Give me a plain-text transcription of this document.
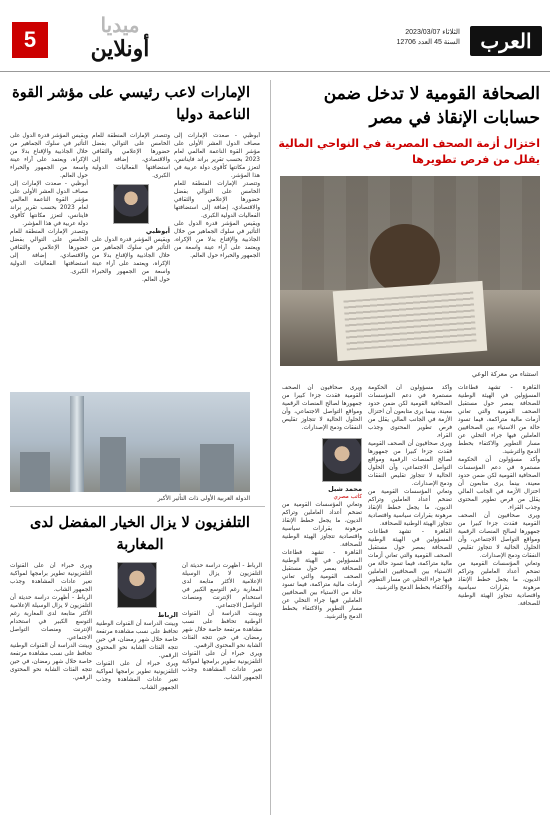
العرب
الثلاثاء 2023/03/07
السنة 45 العدد 12706
ميديا
أونلاين
5
الصحافة القومية لا تدخل ضمن حسابات الإنقاذ في مصر
اختزال أزمة الصحف المصرية في النواحي المالية يقلل من فرص تطويرها
استثناء من معركة الوعي

القاهرة - تشهد قطاعات المسؤولين في الهيئة الوطنية للصحافة بمصر حول مستقبل الصحف القومية والتي تعاني أزمات مالية متراكمة، فيما تسود حالة من الاستياء بين الصحافيين العاملين فيها جراء التخلي عن مسار التطوير والاكتفاء بخطط الدمج والترشيد.

وأكد مسؤولون أن الحكومة مستمرة في دعم المؤسسات الصحافية القومية لكن ضمن حدود معينة، بينما يرى متابعون أن اختزال الأزمة في الجانب المالي يقلل من فرص تطوير المحتوى وجذب القراء.

ويرى صحافيون أن الصحف القومية فقدت جزءا كبيرا من جمهورها لصالح المنصات الرقمية ومواقع التواصل الاجتماعي، وأن الحلول الحالية لا تتجاوز تقليص النفقات ودمج الإصدارات.

وتعاني المؤسسات القومية من تضخم أعداد العاملين وتراكم الديون، ما يجعل خطط الإنقاذ مرهونة بقرارات سياسية واقتصادية تتجاوز الهيئة الوطنية للصحافة.

وأكد مسؤولون أن الحكومة مستمرة في دعم المؤسسات الصحافية القومية لكن ضمن حدود معينة، بينما يرى متابعون أن اختزال الأزمة في الجانب المالي يقلل من فرص تطوير المحتوى وجذب القراء.

ويرى صحافيون أن الصحف القومية فقدت جزءا كبيرا من جمهورها لصالح المنصات الرقمية ومواقع التواصل الاجتماعي، وأن الحلول الحالية لا تتجاوز تقليص النفقات ودمج الإصدارات.

وتعاني المؤسسات القومية من تضخم أعداد العاملين وتراكم الديون، ما يجعل خطط الإنقاذ مرهونة بقرارات سياسية واقتصادية تتجاوز الهيئة الوطنية للصحافة.

القاهرة - تشهد قطاعات المسؤولين في الهيئة الوطنية للصحافة بمصر حول مستقبل الصحف القومية والتي تعاني أزمات مالية متراكمة، فيما تسود حالة من الاستياء بين الصحافيين العاملين فيها جراء التخلي عن مسار التطوير والاكتفاء بخطط الدمج والترشيد.

ويرى صحافيون أن الصحف القومية فقدت جزءا كبيرا من جمهورها لصالح المنصات الرقمية ومواقع التواصل الاجتماعي، وأن الحلول الحالية لا تتجاوز تقليص النفقات ودمج الإصدارات.

محمد شبل
كاتب مصري

وتعاني المؤسسات القومية من تضخم أعداد العاملين وتراكم الديون، ما يجعل خطط الإنقاذ مرهونة بقرارات سياسية واقتصادية تتجاوز الهيئة الوطنية للصحافة.

القاهرة - تشهد قطاعات المسؤولين في الهيئة الوطنية للصحافة بمصر حول مستقبل الصحف القومية والتي تعاني أزمات مالية متراكمة، فيما تسود حالة من الاستياء بين الصحافيين العاملين فيها جراء التخلي عن مسار التطوير والاكتفاء بخطط الدمج والترشيد.

الإمارات لاعب رئيسي على مؤشر القوة الناعمة دوليا

أبوظبي - صعدت الإمارات إلى مصاف الدول العشر الأولى على مؤشر القوة الناعمة العالمي لعام 2023 بحسب تقرير براند فاينانس، لتعزز مكانتها كأقوى دولة عربية في هذا المؤشر.

وتتصدر الإمارات المنطقة للعام الخامس على التوالي بفضل حضورها الإعلامي والثقافي والاقتصادي، إضافة إلى استضافتها الفعاليات الدولية الكبرى.

ويقيس المؤشر قدرة الدول على التأثير في سلوك الجماهير من خلال الجاذبية والإقناع بدلا من الإكراه، ويعتمد على آراء عينة واسعة من الجمهور والخبراء حول العالم.

وتتصدر الإمارات المنطقة للعام الخامس على التوالي بفضل حضورها الإعلامي والثقافي والاقتصادي، إضافة إلى استضافتها الفعاليات الدولية الكبرى.

أبوظبي

ويقيس المؤشر قدرة الدول على التأثير في سلوك الجماهير من خلال الجاذبية والإقناع بدلا من الإكراه، ويعتمد على آراء عينة واسعة من الجمهور والخبراء حول العالم.

ويقيس المؤشر قدرة الدول على التأثير في سلوك الجماهير من خلال الجاذبية والإقناع بدلا من الإكراه، ويعتمد على آراء عينة واسعة من الجمهور والخبراء حول العالم.

أبوظبي - صعدت الإمارات إلى مصاف الدول العشر الأولى على مؤشر القوة الناعمة العالمي لعام 2023 بحسب تقرير براند فاينانس، لتعزز مكانتها كأقوى دولة عربية في هذا المؤشر.

وتتصدر الإمارات المنطقة للعام الخامس على التوالي بفضل حضورها الإعلامي والثقافي والاقتصادي، إضافة إلى استضافتها الفعاليات الدولية الكبرى.

الدولة العربية الأولى ذات التأثير الأكبر
التلفزيون لا يزال الخيار المفضل لدى المغاربة

الرباط - أظهرت دراسة حديثة أن التلفزيون لا يزال الوسيلة الإعلامية الأكثر متابعة لدى المغاربة رغم التوسع الكبير في استخدام الإنترنت ومنصات التواصل الاجتماعي.

وبينت الدراسة أن القنوات الوطنية تحافظ على نسب مشاهدة مرتفعة خاصة خلال شهر رمضان، في حين تتجه الفئات الشابة نحو المحتوى الرقمي.

ويرى خبراء أن على القنوات التلفزيونية تطوير برامجها لمواكبة تغير عادات المشاهدة وجذب الجمهور الشاب.

الرباط

وبينت الدراسة أن القنوات الوطنية تحافظ على نسب مشاهدة مرتفعة خاصة خلال شهر رمضان، في حين تتجه الفئات الشابة نحو المحتوى الرقمي.

ويرى خبراء أن على القنوات التلفزيونية تطوير برامجها لمواكبة تغير عادات المشاهدة وجذب الجمهور الشاب.

ويرى خبراء أن على القنوات التلفزيونية تطوير برامجها لمواكبة تغير عادات المشاهدة وجذب الجمهور الشاب.

الرباط - أظهرت دراسة حديثة أن التلفزيون لا يزال الوسيلة الإعلامية الأكثر متابعة لدى المغاربة رغم التوسع الكبير في استخدام الإنترنت ومنصات التواصل الاجتماعي.

وبينت الدراسة أن القنوات الوطنية تحافظ على نسب مشاهدة مرتفعة خاصة خلال شهر رمضان، في حين تتجه الفئات الشابة نحو المحتوى الرقمي.
